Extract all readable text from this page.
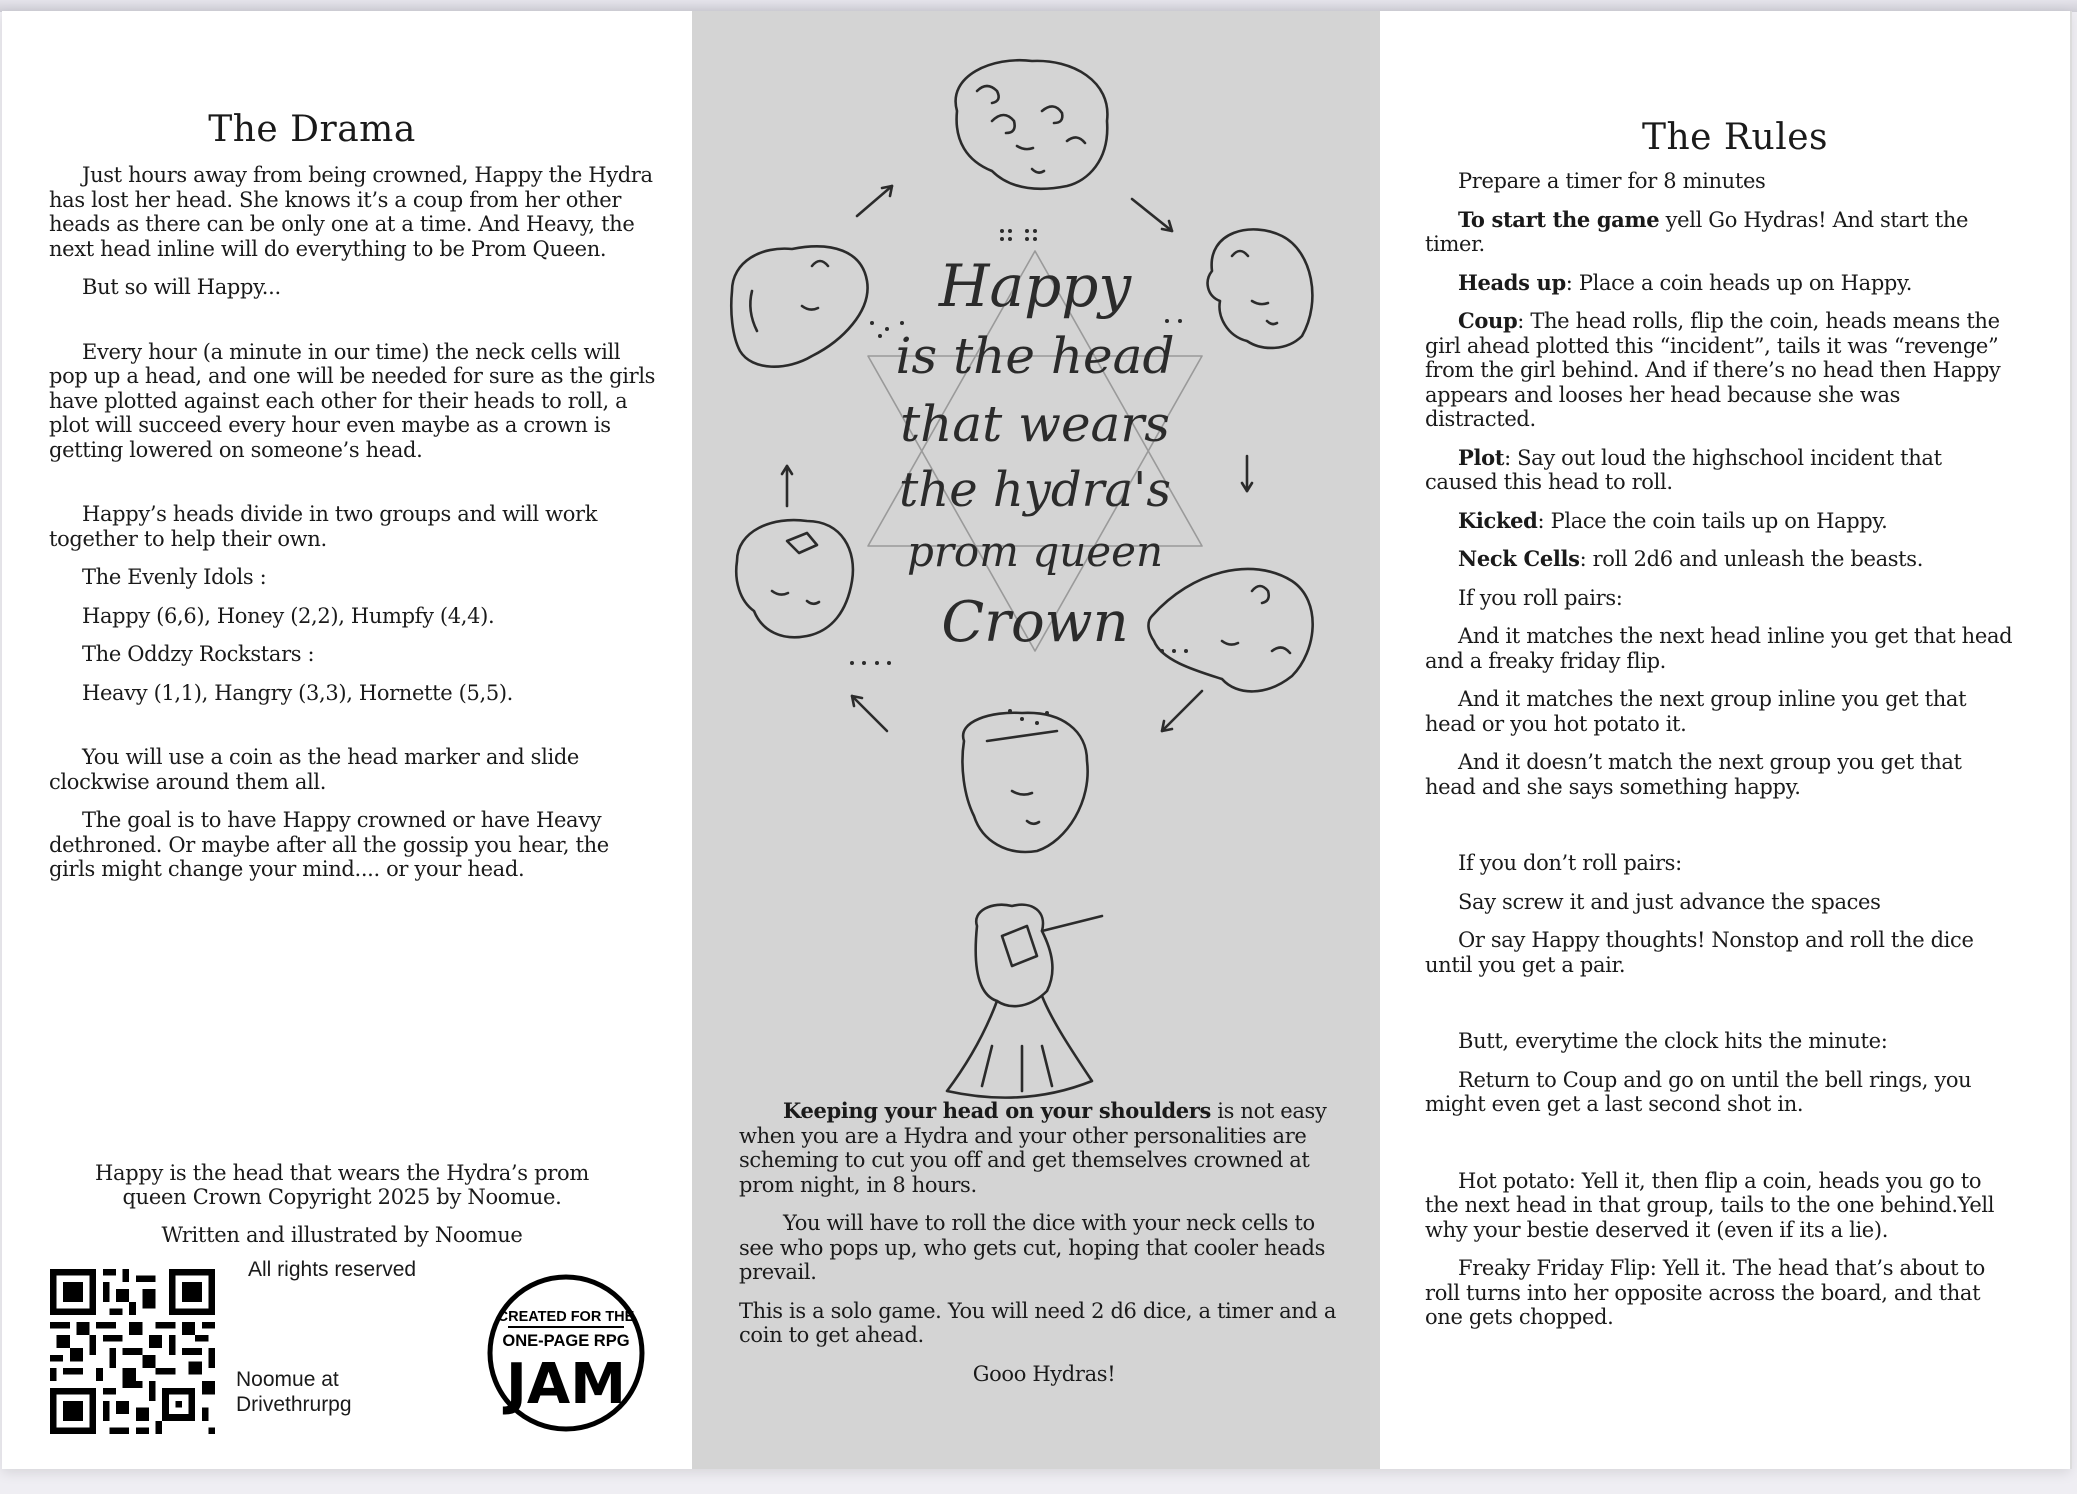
The Drama

Just hours away from being crowned, Happy the Hydra has lost her head. She knows it’s a coup from her other heads as there can be only one at a time. And Heavy, the next head inline will do everything to be Prom Queen.

But so will Happy...

Every hour (a minute in our time) the neck cells will pop up a head, and one will be needed for sure as the girls have plotted against each other for their heads to roll, a plot will succeed every hour even maybe as a crown is getting lowered on someone’s head.

Happy’s heads divide in two groups and will work together to help their own.

The Evenly Idols :

Happy (6,6), Honey (2,2), Humpfy (4,4).

The Oddzy Rockstars :

Heavy (1,1), Hangry (3,3), Hornette (5,5).

You will use a coin as the head marker and slide clockwise around them all.

The goal is to have Happy crowned or have Heavy dethroned. Or maybe after all the gossip you hear, the girls might change your mind.... or your head.

Happy is the head that wears the Hydra’s prom queen Crown Copyright 2025 by Noomue.
Written and illustrated by Noomue
All rights reserved
Noomue at
Drivethrurpg
CREATED FOR THE
ONE-PAGE RPG
JAM
Happy
is the head
that wears
the hydra's
prom queen
Crown

Keeping your head on your shoulders is not easy when you are a Hydra and your other personalities are scheming to cut you off and get themselves crowned at prom night, in 8 hours.

You will have to roll the dice with your neck cells to see who pops up, who gets cut, hoping that cooler heads prevail.

This is a solo game. You will need 2 d6 dice, a timer and a coin to get ahead.

Gooo Hydras!

The Rules

Prepare a timer for 8 minutes

To start the game yell Go Hydras! And start the timer.

Heads up: Place a coin heads up on Happy.

Coup: The head rolls, flip the coin, heads means the girl ahead plotted this “incident”, tails it was “revenge” from the girl behind. And if there’s no head then Happy appears and looses her head because she was distracted.

Plot: Say out loud the highschool incident that caused this head to roll.

Kicked: Place the coin tails up on Happy.

Neck Cells: roll 2d6 and unleash the beasts.

If you roll pairs:

And it matches the next head inline you get that head and a freaky friday flip.

And it matches the next group inline you get that head or you hot potato it.

And it doesn’t match the next group you get that head and she says something happy.

If you don’t roll pairs:

Say screw it and just advance the spaces

Or say Happy thoughts! Nonstop and roll the dice until you get a pair.

Butt, everytime the clock hits the minute:

Return to Coup and go on until the bell rings, you might even get a last second shot in.

Hot potato: Yell it, then flip a coin, heads you go to the next head in that group, tails to the one behind.Yell why your bestie deserved it (even if its a lie).

Freaky Friday Flip: Yell it. The head that’s about to roll turns into her opposite across the board, and that one gets chopped.
